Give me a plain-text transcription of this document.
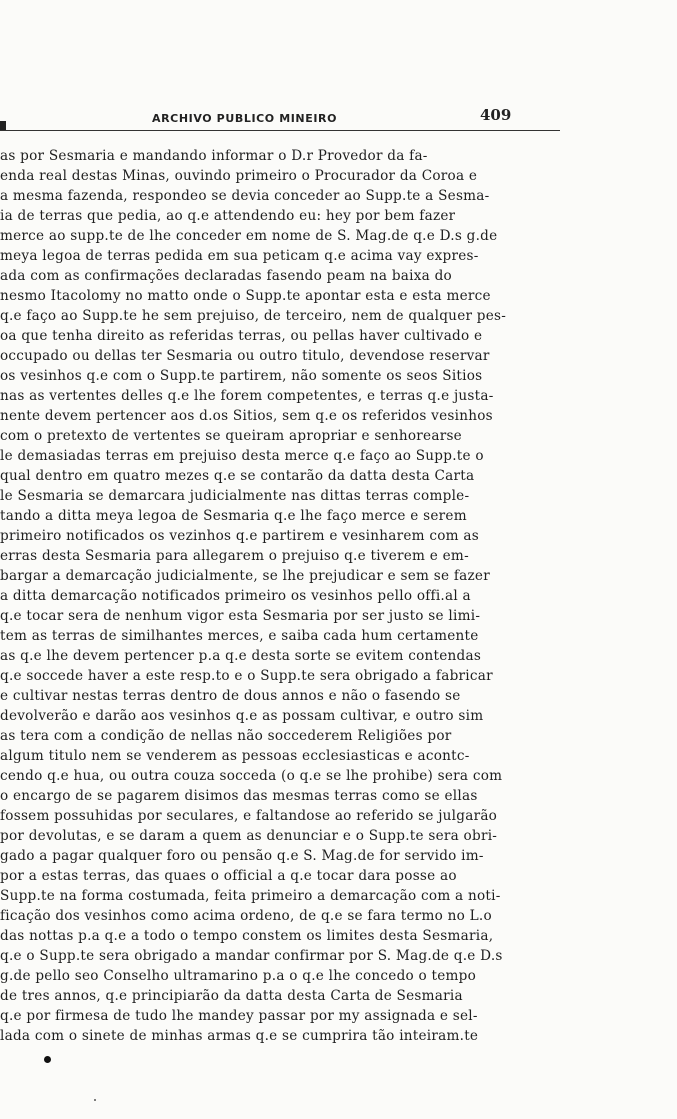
ARCHIVO PUBLICO MINEIRO	409
as por Sesmaria e mandando informar o D.r Provedor da fa-
enda real destas Minas, ouvindo primeiro o Procurador da Coroa e
a mesma fazenda, respondeo se devia conceder ao Supp.te a Sesma-
ia de terras que pedia, ao q.e attendendo eu: hey por bem fazer
merce ao supp.te de lhe conceder em nome de S. Mag.de q.e D.s g.de
meya legoa de terras pedida em sua peticam q.e acima vay expres-
ada com as confirmações declaradas fasendo peam na baixa do
nesmo Itacolomy no matto onde o Supp.te apontar esta e esta merce
q.e faço ao Supp.te he sem prejuiso, de terceiro, nem de qualquer pes-
oa que tenha direito as referidas terras, ou pellas haver cultivado e
occupado ou dellas ter Sesmaria ou outro titulo, devendose reservar
os vesinhos q.e com o Supp.te partirem, não somente os seos Sitios
nas as vertentes delles q.e lhe forem competentes, e terras q.e justa-
nente devem pertencer aos d.os Sitios, sem q.e os referidos vesinhos
com o pretexto de vertentes se queiram apropriar e senhorearse
le demasiadas terras em prejuiso desta merce q.e faço ao Supp.te o
qual dentro em quatro mezes q.e se contarão da datta desta Carta
le Sesmaria se demarcara judicialmente nas dittas terras comple-
tando a ditta meya legoa de Sesmaria q.e lhe faço merce e serem
primeiro notificados os vezinhos q.e partirem e vesinharem com as
erras desta Sesmaria para allegarem o prejuiso q.e tiverem e em-
bargar a demarcação judicialmente, se lhe prejudicar e sem se fazer
a ditta demarcação notificados primeiro os vesinhos pello offi.al a
q.e tocar sera de nenhum vigor esta Sesmaria por ser justo se limi-
tem as terras de similhantes merces, e saiba cada hum certamente
as q.e lhe devem pertencer p.a q.e desta sorte se evitem contendas
q.e soccede haver a este resp.to e o Supp.te sera obrigado a fabricar
e cultivar nestas terras dentro de dous annos e não o fasendo se
devolverão e darão aos vesinhos q.e as possam cultivar, e outro sim
as tera com a condição de nellas não soccederem Religiões por
algum titulo nem se venderem as pessoas ecclesiasticas e acontc-
cendo q.e hua, ou outra couza socceda (o q.e se lhe prohibe) sera com
o encargo de se pagarem disimos das mesmas terras como se ellas
fossem possuhidas por seculares, e faltandose ao referido se julgarão
por devolutas, e se daram a quem as denunciar e o Supp.te sera obri-
gado a pagar qualquer foro ou pensão q.e S. Mag.de for servido im-
por a estas terras, das quaes o official a q.e tocar dara posse ao
Supp.te na forma costumada, feita primeiro a demarcação com a noti-
ficação dos vesinhos como acima ordeno, de q.e se fara termo no L.o
das nottas p.a q.e a todo o tempo constem os limites desta Sesmaria,
q.e o Supp.te sera obrigado a mandar confirmar por S. Mag.de q.e D.s
g.de pello seo Conselho ultramarino p.a o q.e lhe concedo o tempo
de tres annos, q.e principiarão da datta desta Carta de Sesmaria
q.e por firmesa de tudo lhe mandey passar por my assignada e sel-
lada com o sinete de minhas armas q.e se cumprira tão inteiram.te
